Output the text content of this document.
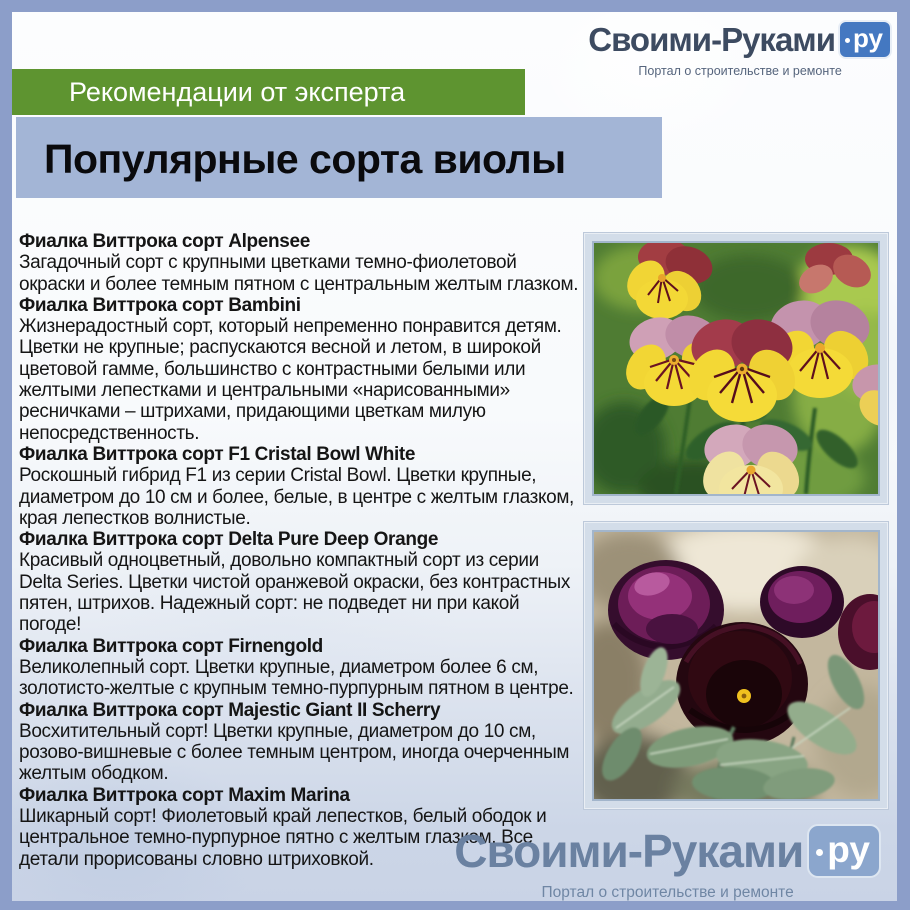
Своими-Руками ру
Портал о строительстве и ремонте
Рекомендации от эксперта
Популярные сорта виолы

Фиалка Виттрока сорт Alpensee

Загадочный сорт с крупными цветками темно-фиолетовой окраски и более темным пятном с центральным желтым глазком.

Фиалка Виттрока сорт Bambini

Жизнерадостный сорт, который непременно понравится детям. Цветки не крупные; распускаются весной и летом, в широкой цветовой гамме, большинство с контрастными белыми или желтыми лепестками и центральными «нарисованными» ресничками – штрихами, придающими цветкам милую непосредственность.

Фиалка Виттрока сорт F1 Cristal Bowl White

Роскошный гибрид F1 из серии Cristal Bowl. Цветки крупные, диаметром до 10 см и более, белые, в центре с желтым глазком, края лепестков волнистые.

Фиалка Виттрока сорт Delta Pure Deep Orange

Красивый одноцветный, довольно компактный сорт из серии Delta Series. Цветки чистой оранжевой окраски, без контрастных пятен, штрихов. Надежный сорт: не подведет ни при какой погоде!

Фиалка Виттрока сорт Firnengold

Великолепный сорт. Цветки крупные, диаметром более 6 см, золотисто-желтые с крупным темно-пурпурным пятном в центре.

Фиалка Виттрока сорт Majestic Giant II Scherry

Восхитительный сорт! Цветки крупные, диаметром до 10 см, розово-вишневые с более темным центром, иногда очерченным желтым ободком.

Фиалка Виттрока сорт Maxim Marina

Шикарный сорт! Фиолетовый край лепестков, белый ободок и центральное темно-пурпурное пятно с желтым глазком. Все детали прорисованы словно штриховкой.	Своими-Руками ру
Портал о строительстве и ремонте
